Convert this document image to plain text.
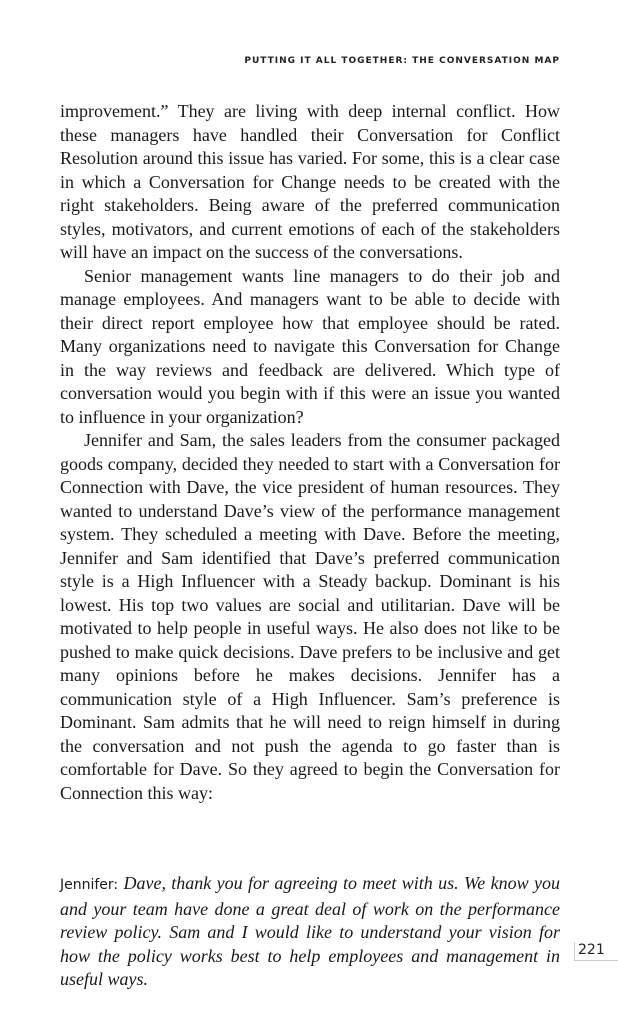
PUTTING IT ALL TOGETHER: THE CONVERSATION MAP

improvement.” They are living with deep internal conflict. How these managers have handled their Conversation for Conflict Resolution around this issue has varied. For some, this is a clear case in which a Conversation for Change needs to be created with the right stakeholders. Being aware of the preferred communication styles, motivators, and current emotions of each of the stakeholders will have an impact on the success of the conversations.

Senior management wants line managers to do their job and manage employees. And managers want to be able to decide with their direct report employee how that employee should be rated. Many organizations need to navigate this Conversation for Change in the way reviews and feedback are delivered. Which type of conversation would you begin with if this were an issue you wanted to influence in your organization?

Jennifer and Sam, the sales leaders from the consumer packaged goods company, decided they needed to start with a Conversation for Connection with Dave, the vice president of human resources. They wanted to understand Dave’s view of the performance management system. They scheduled a meeting with Dave. Before the meeting, Jennifer and Sam identified that Dave’s preferred communication style is a High Influencer with a Steady backup. Dominant is his lowest. His top two values are social and utilitarian. Dave will be motivated to help people in useful ways. He also does not like to be pushed to make quick decisions. Dave prefers to be inclusive and get many opinions before he makes decisions. Jennifer has a communication style of a High Influencer. Sam’s preference is Dominant. Sam admits that he will need to reign himself in during the conversation and not push the agenda to go faster than is comfortable for Dave. So they agreed to begin the Conversation for Connection this way:

Jennifer: Dave, thank you for agreeing to meet with us. We know you and your team have done a great deal of work on the performance review policy. Sam and I would like to understand your vision for how the policy works best to help employees and management in useful ways.
221
